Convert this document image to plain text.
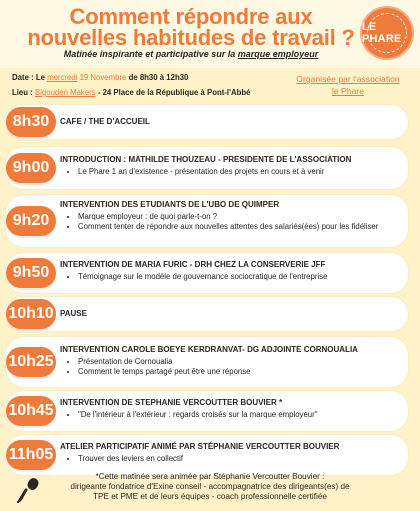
Comment répondre aux
nouvelles habitudes de travail ?
Matinée inspirante et participative sur la marque employeur
LE PHARE
Date : Le mercredi 19 Novembre de 8h30 à 12h30
Lieu : Bigouden Makers - 24 Place de la République à Pont-l'Abbé
Organisée par l'association
le Phare
8h30	CAFE / THE D'ACCUEIL
9h00	INTRODUCTION : MATHILDE THOUZEAU - PRESIDENTE DE L'ASSOCIATION
• Le Phare 1 an d'existence - présentation des projets en cours et à venir
9h20
INTERVENTION DES ETUDIANTS DE L'UBO DE QUIMPER
• Marque employeur : de quoi parle-t-on ?
• Comment tenter de répondre aux nouvelles attentes des salariés(ées) pour les fidéliser
9h50	INTERVENTION DE MARIA FURIC - DRH CHEZ LA CONSERVERIE JFF
• Témoignage sur le modèle de gouvernance sociocratique de l'entreprise
10h10 PAUSE
10h25
INTERVENTION CAROLE BOEYE KERDRANVAT- DG ADJOINTE CORNOUALIA
• Présentation de Cornoualia
• Comment le temps partagé peut être une réponse
10h45 INTERVENTION DE STEPHANIE VERCOUTTER BOUVIER *
• "De l'intérieur à l'extérieur : regards croisés sur la marque employeur"
11h05 ATELIER PARTICIPATIF ANIMÉ PAR STÉPHANIE VERCOUTTER BOUVIER
• Trouver des leviers en collectif
*Cette matinée sera animée par Stéphanie Vercoutter Bouvier :
dirigeante fondatrice d'Exine conseil - accompagnatrice des dirigeants(es) de
TPE et PME et de leurs équipes - coach professionnelle certifiée
